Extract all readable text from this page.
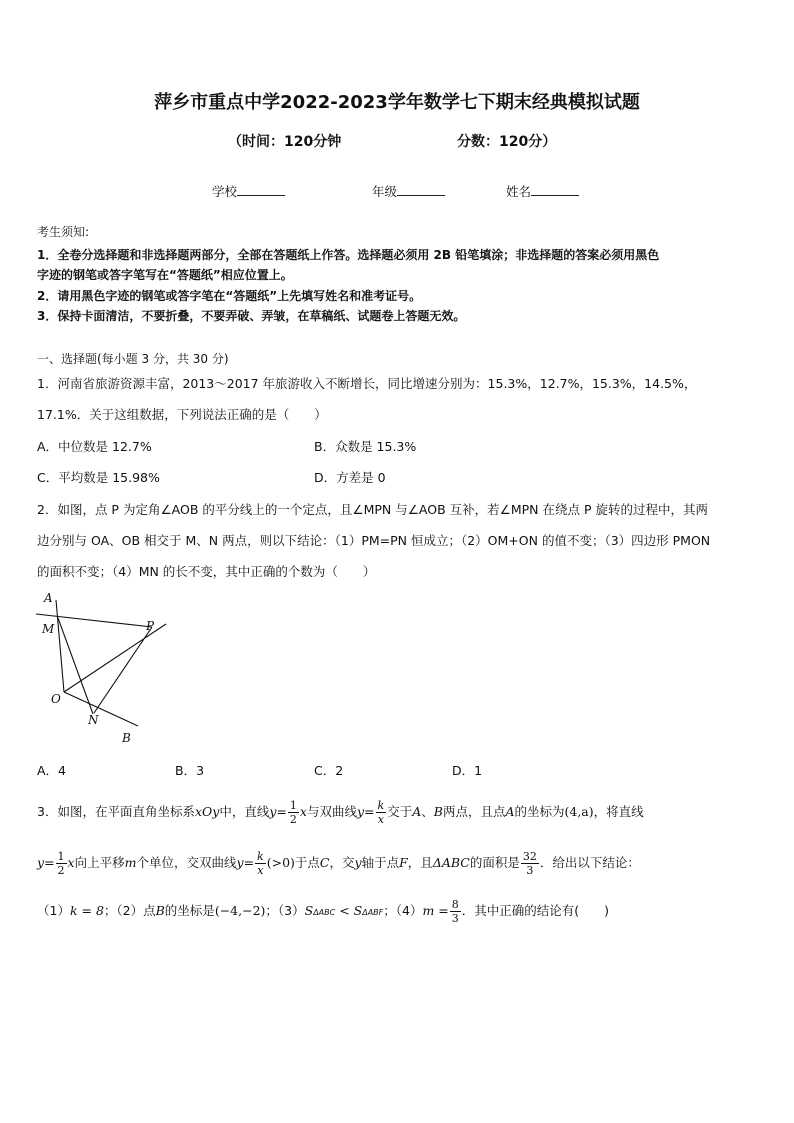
萍乡市重点中学2022-2023学年数学七下期末经典模拟试题
（时间：120分钟	分数：120分）
学校	年级	姓名
考生须知:
1．全卷分选择题和非选择题两部分，全部在答题纸上作答。选择题必须用 2B 铅笔填涂；非选择题的答案必须用黑色
字迹的钢笔或答字笔写在“答题纸”相应位置上。
2．请用黑色字迹的钢笔或答字笔在“答题纸”上先填写姓名和准考证号。
3．保持卡面清洁，不要折叠，不要弄破、弄皱，在草稿纸、试题卷上答题无效。
一、选择题(每小题 3 分，共 30 分)
1．河南省旅游资源丰富，2013～2017 年旅游收入不断增长，同比增速分别为：15.3%，12.7%，15.3%，14.5%，
17.1%．关于这组数据，下列说法正确的是（　　）
A．中位数是 12.7%	B．众数是 15.3%
C．平均数是 15.98%	D．方差是 0
2．如图，点 P 为定角∠AOB 的平分线上的一个定点，且∠MPN 与∠AOB 互补，若∠MPN 在绕点 P 旋转的过程中，其两
边分别与 OA、OB 相交于 M、N 两点，则以下结论：（1）PM=PN 恒成立；（2）OM+ON 的值不变；（3）四边形 PMON
的面积不变；（4）MN 的长不变，其中正确的个数为（　　）
A
M	P
O
N
B
A．4	B．3	C．2	D．1
3．如图，在平面直角坐标系xOy中，直线$y= \frac{1}{2}$ x与双曲线$y= \frac{k}{x}$ 交于A、B两点，且点A的坐标为(4,a)，将直线
$y= \frac{1}{2}$ x向上平移m个单位，交双曲线$y= \frac{k}{x} (>0)$于点C，交y轴于点F，且ΔABC的面积是 $\frac{32}{3}$ ．给出以下结论：
（1）k = 8；（2）点B的坐标是(−4,−2)；（3）SΔABC < SΔABF；$(4)m = \frac{8}{3}$ ．其中正确的结论有(　　)
